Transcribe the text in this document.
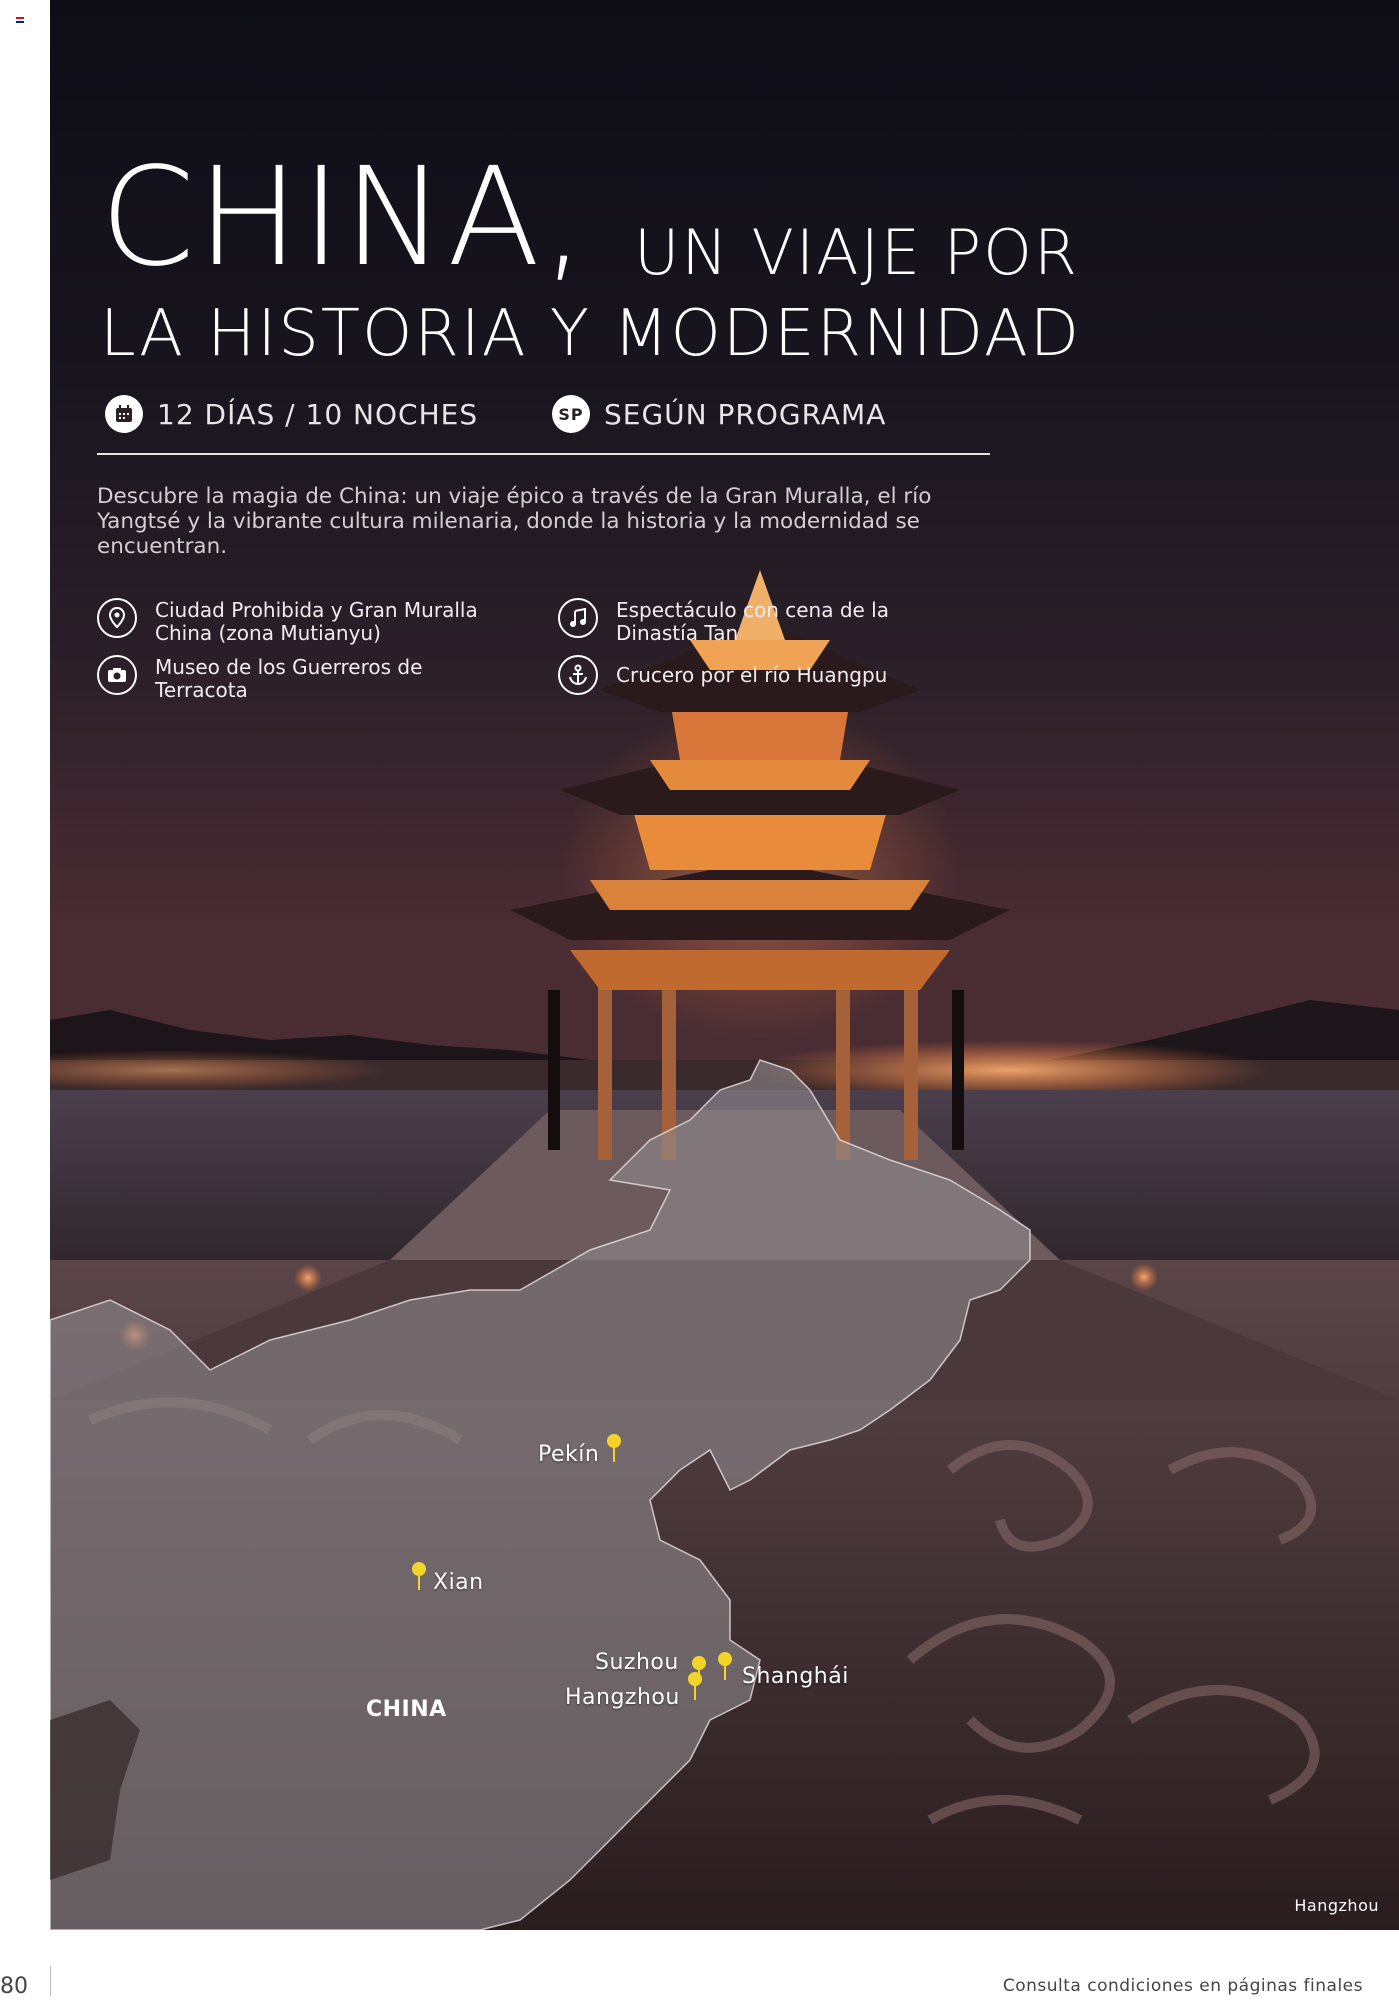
Pekín
Xian
Suzhou
Hangzhou
Shanghái
CHINA
Hangzhou
CHINA, UN VIAJE POR
LA HISTORIA Y MODERNIDAD
12 DÍAS / 10 NOCHES	SP SEGÚN PROGRAMA

Descubre la magia de China: un viaje épico a través de la Gran Muralla, el río Yangtsé y la vibrante cultura milenaria, donde la historia y la modernidad se encuentran.

Ciudad Prohibida y Gran Muralla China (zona Mutianyu)
Museo de los Guerreros de Terracota
Espectáculo con cena de la Dinastía Tan
Crucero por el río Huangpu
80	Consulta condiciones en páginas finales
